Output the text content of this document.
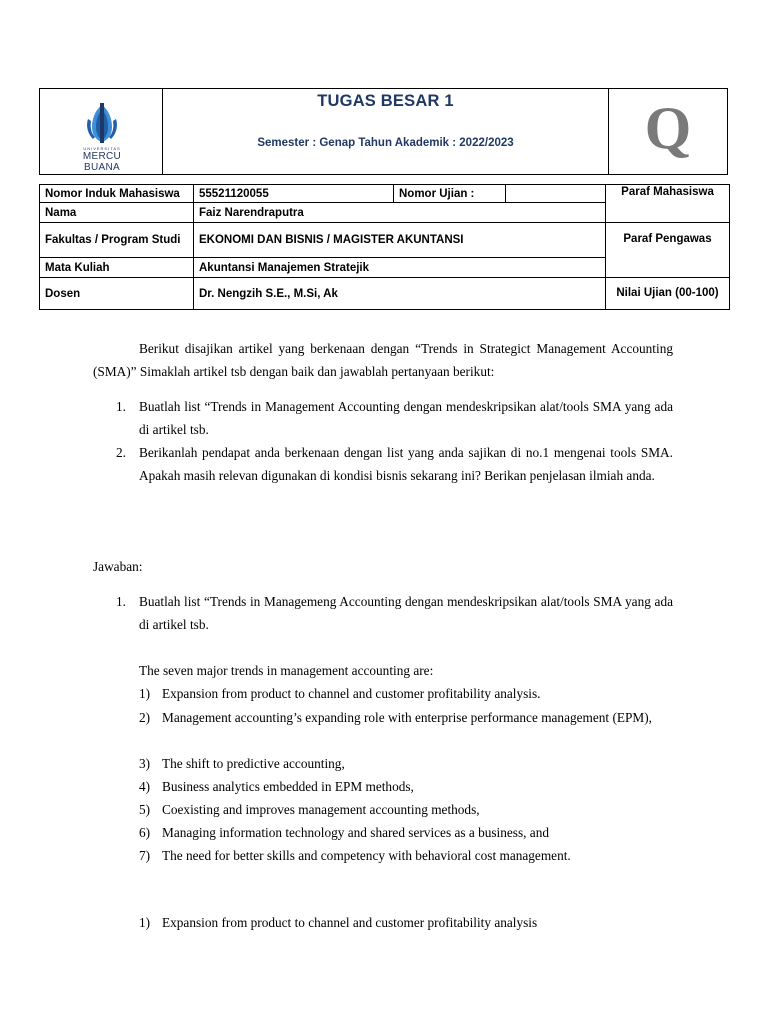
UNIVERSITAS
MERCU BUANA
TUGAS BESAR 1
Semester : Genap Tahun Akademik : 2022/2023	Q
Nomor Induk Mahasiswa	55521120055	Nomor Ujian :		Paraf Mahasiswa
Nama	Faiz Narendraputra			
Fakultas / Program Studi	EKONOMI DAN BISNIS / MAGISTER AKUNTANSI			Paraf Pengawas
Mata Kuliah	Akuntansi Manajemen Stratejik			
Dosen	Dr. Nengzih S.E., M.Si, Ak			Nilai Ujian (00-100)
Berikut disajikan artikel yang berkenaan dengan “Trends in Strategict Management Accounting (SMA)” Simaklah artikel tsb dengan baik dan jawablah pertanyaan berikut:
1. Buatlah list “Trends in Management Accounting dengan mendeskripsikan alat/tools SMA yang ada di artikel tsb.
2. Berikanlah pendapat anda berkenaan dengan list yang anda sajikan di no.1 mengenai tools SMA. Apakah masih relevan digunakan di kondisi bisnis sekarang ini? Berikan penjelasan ilmiah anda.
Jawaban:
1. Buatlah list “Trends in Managemeng Accounting dengan mendeskripsikan alat/tools SMA yang ada di artikel tsb.
The seven major trends in management accounting are:
1) Expansion from product to channel and customer profitability analysis.
2) Management accounting’s expanding role with enterprise performance management (EPM),
3) The shift to predictive accounting,
4) Business analytics embedded in EPM methods,
5) Coexisting and improves management accounting methods,
6) Managing information technology and shared services as a business, and
7) The need for better skills and competency with behavioral cost management.
1) Expansion from product to channel and customer profitability analysis
